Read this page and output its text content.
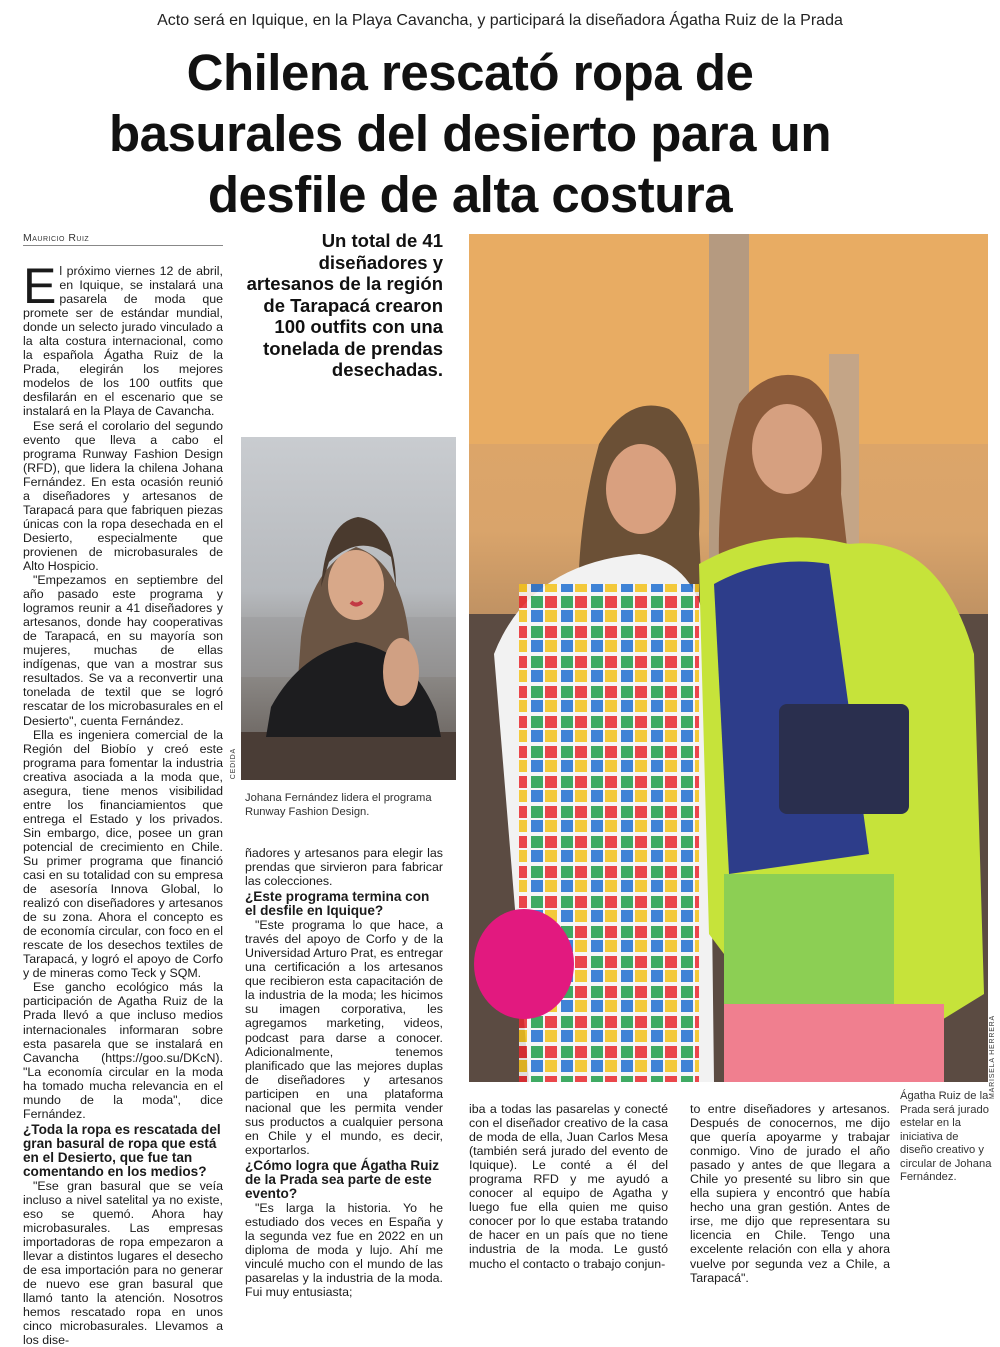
Acto será en Iquique, en la Playa Cavancha, y participará la diseñadora Ágatha Ruiz de la Prada
Chilena rescató ropa de basurales del desierto para un desfile de alta costura
Mauricio Ruiz

El próximo viernes 12 de abril, en Iquique, se instalará una pasarela de moda que promete ser de estándar mundial, donde un selecto jurado vinculado a la alta costura internacional, como la española Ágatha Ruiz de la Prada, elegirán los mejores modelos de los 100 outfits que desfilarán en el escenario que se instalará en la Playa de Cavancha.

Ese será el corolario del segundo evento que lleva a cabo el programa Runway Fashion Design (RFD), que lidera la chilena Johana Fernández. En esta ocasión reunió a diseñadores y artesanos de Tarapacá para que fabriquen piezas únicas con la ropa desechada en el Desierto, especialmente que provienen de microbasurales de Alto Hospicio.

"Empezamos en septiembre del año pasado este programa y logramos reunir a 41 diseñadores y artesanos, donde hay cooperativas de Tarapacá, en su mayoría son mujeres, muchas de ellas indígenas, que van a mostrar sus resultados. Se va a reconvertir una tonelada de textil que se logró rescatar de los microbasurales en el Desierto", cuenta Fernández.

Ella es ingeniera comercial de la Región del Biobío y creó este programa para fomentar la industria creativa asociada a la moda que, asegura, tiene menos visibilidad entre los financiamientos que entrega el Estado y los privados. Sin embargo, dice, posee un gran potencial de crecimiento en Chile. Su primer programa que financió casi en su totalidad con su empresa de asesoría Innova Global, lo realizó con diseñadores y artesanos de su zona. Ahora el concepto es de economía circular, con foco en el rescate de los desechos textiles de Tarapacá, y logró el apoyo de Corfo y de mineras como Teck y SQM.

Ese gancho ecológico más la participación de Agatha Ruiz de la Prada llevó a que incluso medios internacionales informaran sobre esta pasarela que se instalará en Cavancha (https://goo.su/DKcN). "La economía circular en la moda ha tomado mucha relevancia en el mundo de la moda", dice Fernández.

¿Toda la ropa es rescatada del gran basural de ropa que está en el Desierto, que fue tan comentando en los medios?

"Ese gran basural que se veía incluso a nivel satelital ya no existe, eso se quemó. Ahora hay microbasurales. Las empresas importadoras de ropa empezaron a llevar a distintos lugares el desecho de esa importación para no generar de nuevo ese gran basural que llamó tanto la atención. Nosotros hemos rescatado ropa en unos cinco microbasurales. Llevamos a los dise-

Un total de 41 diseñadores y artesanos de la región de Tarapacá crearon 100 outfits con una tonelada de prendas desechadas.
CEDIDA
Johana Fernández lidera el programa Runway Fashion Design.

ñadores y artesanos para elegir las prendas que sirvieron para fabricar las colecciones.

¿Este programa termina con el desfile en Iquique?

"Este programa lo que hace, a través del apoyo de Corfo y de la Universidad Arturo Prat, es entregar una certificación a los artesanos que recibieron esta capacitación de la industria de la moda; les hicimos su imagen corporativa, les agregamos marketing, videos, podcast para darse a conocer. Adicionalmente, tenemos planificado que las mejores duplas de diseñadores y artesanos participen en una plataforma nacional que les permita vender sus productos a cualquier persona en Chile y el mundo, es decir, exportarlos.

¿Cómo logra que Ágatha Ruiz de la Prada sea parte de este evento?

"Es larga la historia. Yo he estudiado dos veces en España y la segunda vez fue en 2022 en un diploma de moda y lujo. Ahí me vinculé mucho con el mundo de las pasarelas y la industria de la moda. Fui muy entusiasta;

MARISELA HERRERA
Ágatha Ruiz de la Prada será jurado estelar en la iniciativa de diseño creativo y circular de Johana Fernández.

iba a todas las pasarelas y conecté con el diseñador creativo de la casa de moda de ella, Juan Carlos Mesa (también será jurado del evento de Iquique). Le conté a él del programa RFD y me ayudó a conocer al equipo de Agatha y luego fue ella quien me quiso conocer por lo que estaba tratando de hacer en un país que no tiene industria de la moda. Le gustó mucho el contacto o trabajo conjun-

to entre diseñadores y artesanos. Después de conocernos, me dijo que quería apoyarme y trabajar conmigo. Vino de jurado el año pasado y antes de que llegara a Chile yo presenté su libro sin que ella supiera y encontró que había hecho una gran gestión. Antes de irse, me dijo que representara su licencia en Chile. Tengo una excelente relación con ella y ahora vuelve por segunda vez a Chile, a Tarapacá".
